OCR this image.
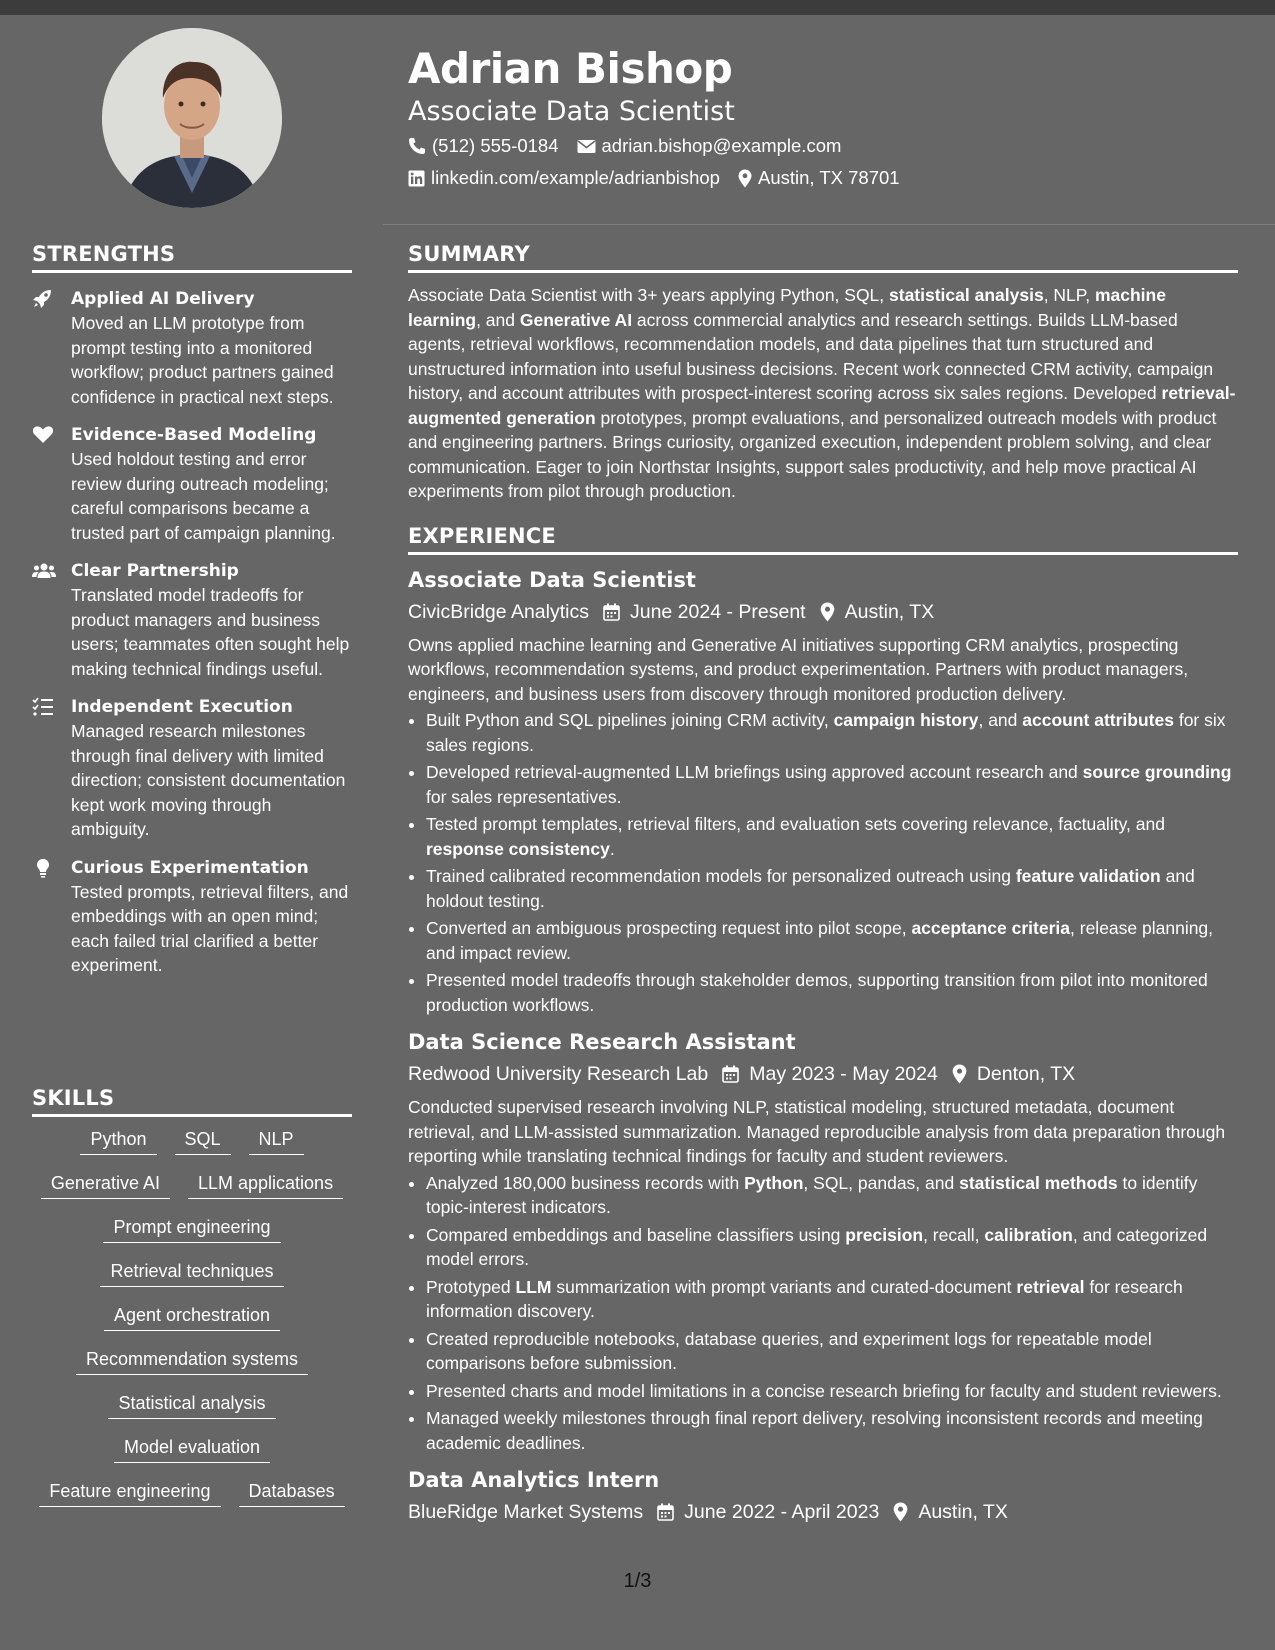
STRENGTHS
Applied AI Delivery
Moved an LLM prototype from prompt testing into a monitored workflow; product partners gained confidence in practical next steps.
Evidence-Based Modeling
Used holdout testing and error review during outreach modeling; careful comparisons became a trusted part of campaign planning.
Clear Partnership
Translated model tradeoffs for product managers and business users; teammates often sought help making technical findings useful.
Independent Execution
Managed research milestones through final delivery with limited direction; consistent documentation kept work moving through ambiguity.
Curious Experimentation
Tested prompts, retrieval filters, and embeddings with an open mind; each failed trial clarified a better experiment.
SKILLS
Python	SQL	NLP
Generative AI	LLM applications
Prompt engineering
Retrieval techniques
Agent orchestration
Recommendation systems
Statistical analysis
Model evaluation
Feature engineering	Databases
Adrian Bishop
Associate Data Scientist
(512) 555-0184 adrian.bishop@example.com
linkedin.com/example/adrianbishop Austin, TX 78701
SUMMARY
Associate Data Scientist with 3+ years applying Python, SQL, statistical analysis, NLP, machine learning, and Generative AI across commercial analytics and research settings. Builds LLM-based agents, retrieval workflows, recommendation models, and data pipelines that turn structured and unstructured information into useful business decisions. Recent work connected CRM activity, campaign history, and account attributes with prospect-interest scoring across six sales regions. Developed retrieval-augmented generation prototypes, prompt evaluations, and personalized outreach models with product and engineering partners. Brings curiosity, organized execution, independent problem solving, and clear communication. Eager to join Northstar Insights, support sales productivity, and help move practical AI experiments from pilot through production.
EXPERIENCE
Associate Data Scientist
CivicBridge Analytics June 2024 - Present Austin, TX
Owns applied machine learning and Generative AI initiatives supporting CRM analytics, prospecting workflows, recommendation systems, and product experimentation. Partners with product managers, engineers, and business users from discovery through monitored production delivery.
• Built Python and SQL pipelines joining CRM activity, campaign history, and account attributes for six sales regions.
• Developed retrieval-augmented LLM briefings using approved account research and source grounding for sales representatives.
• Tested prompt templates, retrieval filters, and evaluation sets covering relevance, factuality, and response consistency.
• Trained calibrated recommendation models for personalized outreach using feature validation and holdout testing.
• Converted an ambiguous prospecting request into pilot scope, acceptance criteria, release planning, and impact review.
• Presented model tradeoffs through stakeholder demos, supporting transition from pilot into monitored production workflows.
Data Science Research Assistant
Redwood University Research Lab May 2023 - May 2024 Denton, TX
Conducted supervised research involving NLP, statistical modeling, structured metadata, document retrieval, and LLM-assisted summarization. Managed reproducible analysis from data preparation through reporting while translating technical findings for faculty and student reviewers.
• Analyzed 180,000 business records with Python, SQL, pandas, and statistical methods to identify topic-interest indicators.
• Compared embeddings and baseline classifiers using precision, recall, calibration, and categorized model errors.
• Prototyped LLM summarization with prompt variants and curated-document retrieval for research information discovery.
• Created reproducible notebooks, database queries, and experiment logs for repeatable model comparisons before submission.
• Presented charts and model limitations in a concise research briefing for faculty and student reviewers.
• Managed weekly milestones through final report delivery, resolving inconsistent records and meeting academic deadlines.
Data Analytics Intern
BlueRidge Market Systems June 2022 - April 2023 Austin, TX
1/3
